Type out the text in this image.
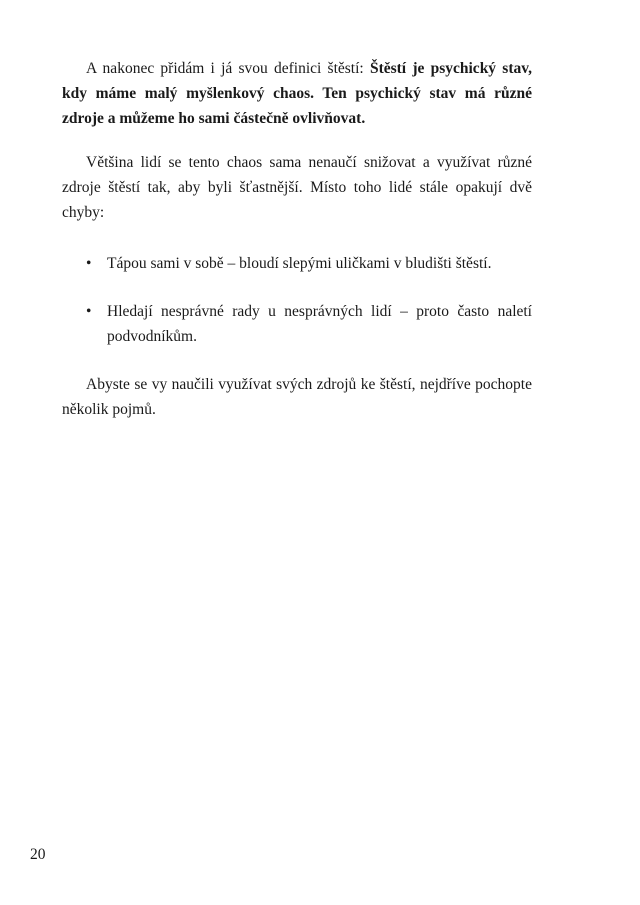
A nakonec přidám i já svou definici štěstí: Štěstí je psychický stav, kdy máme malý myšlenkový chaos. Ten psychický stav má různé zdroje a můžeme ho sami částečně ovlivňovat.

Většina lidí se tento chaos sama nenaučí snižovat a využívat různé zdroje štěstí tak, aby byli šťastnější. Místo toho lidé stále opakují dvě chyby:

• Tápou sami v sobě – bloudí slepými uličkami v bludišti štěstí.
• Hledají nesprávné rady u nesprávných lidí – proto často naletí podvodníkům.

Abyste se vy naučili využívat svých zdrojů ke štěstí, nejdříve pochopte několik pojmů.

20
